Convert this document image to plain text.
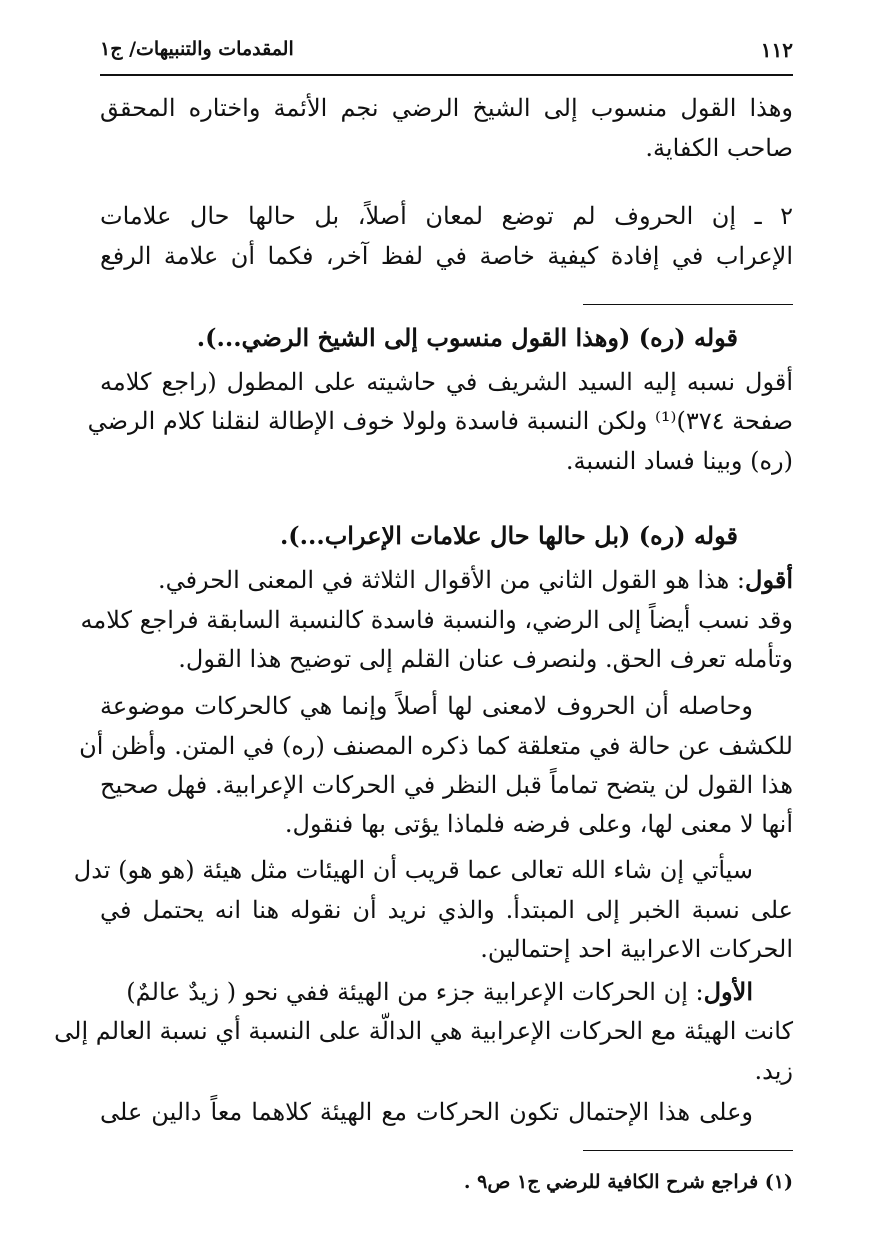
١١٢
المقدمات والتنبيهات/ ج١
وهذا القول منسوب إلى الشيخ الرضي نجم الأئمة واختاره المحقق
صاحب الكفاية.
٢ ـ إن الحروف لم توضع لمعان أصلاً، بل حالها حال علامات
الإعراب في إفادة كيفية خاصة في لفظ آخر، فكما أن علامة الرفع
قوله (ره) (وهذا القول منسوب إلى الشيخ الرضي...).
أقول نسبه إليه السيد الشريف في حاشيته على المطول (راجع كلامه
صفحة ٣٧٤)⁽¹⁾ ولكن النسبة فاسدة ولولا خوف الإطالة لنقلنا كلام الرضي
(ره) وبينا فساد النسبة.
قوله (ره) (بل حالها حال علامات الإعراب...).
أقول: هذا هو القول الثاني من الأقوال الثلاثة في المعنى الحرفي.
وقد نسب أيضاً إلى الرضي، والنسبة فاسدة كالنسبة السابقة فراجع كلامه
وتأمله تعرف الحق. ولنصرف عنان القلم إلى توضيح هذا القول.
وحاصله أن الحروف لامعنى لها أصلاً وإنما هي كالحركات موضوعة
للكشف عن حالة في متعلقة كما ذكره المصنف (ره) في المتن. وأظن أن
هذا القول لن يتضح تماماً قبل النظر في الحركات الإعرابية. فهل صحيح
أنها لا معنى لها، وعلى فرضه فلماذا يؤتى بها فنقول.
سيأتي إن شاء الله تعالى عما قريب أن الهيئات مثل هيئة (هو هو) تدل
على نسبة الخبر إلى المبتدأ. والذي نريد أن نقوله هنا انه يحتمل في
الحركات الاعرابية احد إحتمالين.
الأول: إن الحركات الإعرابية جزء من الهيئة ففي نحو ( زيدٌ عالمٌ)
كانت الهيئة مع الحركات الإعرابية هي الدالّة على النسبة أي نسبة العالم إلى
زيد.
وعلى هذا الإحتمال تكون الحركات مع الهيئة كلاهما معاً دالين على
(١) فراجع شرح الكافية للرضي ج١ ص٩ .
